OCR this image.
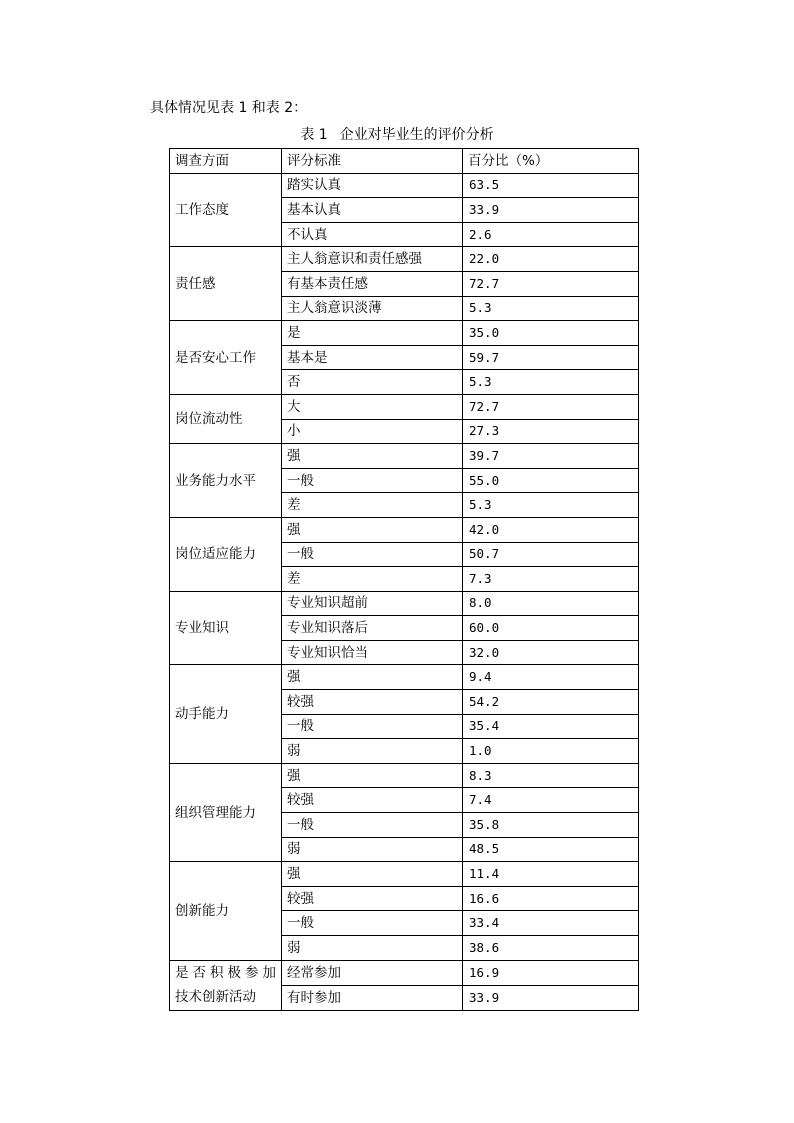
具体情况见表 1 和表 2：
表 1 企业对毕业生的评价分析
调查方面	评分标准	百分比（%）
工作态度	踏实认真	63.5
	基本认真	33.9
	不认真	2.6
责任感	主人翁意识和责任感强	22.0
	有基本责任感	72.7
	主人翁意识淡薄	5.3
是否安心工作	是	35.0
	基本是	59.7
	否	5.3
岗位流动性	大	72.7
	小	27.3
业务能力水平	强	39.7
	一般	55.0
	差	5.3
岗位适应能力	强	42.0
	一般	50.7
	差	7.3
专业知识	专业知识超前	8.0
	专业知识落后	60.0
	专业知识恰当	32.0
动手能力	强	9.4
	较强	54.2
	一般	35.4
	弱	1.0
组织管理能力	强	8.3
	较强	7.4
	一般	35.8
	弱	48.5
创新能力	强	11.4
	较强	16.6
	一般	33.4
	弱	38.6

是否积极参加
技术创新活动	经常参加	16.9
	有时参加	33.9
